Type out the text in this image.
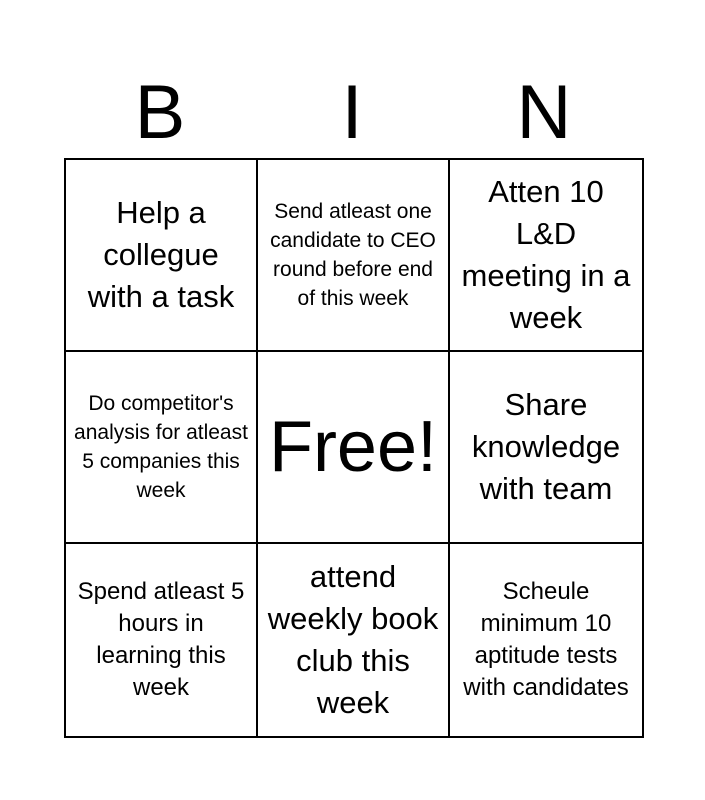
B	I	N
Help a collegue with a task
Send atleast one candidate to CEO round before end of this week
Atten 10 L&D meeting in a week
Do competitor's analysis for atleast 5 companies this week
Free!
Share knowledge with team
Spend atleast 5 hours in learning this week
attend weekly book club this week
Scheule minimum 10 aptitude tests with candidates
